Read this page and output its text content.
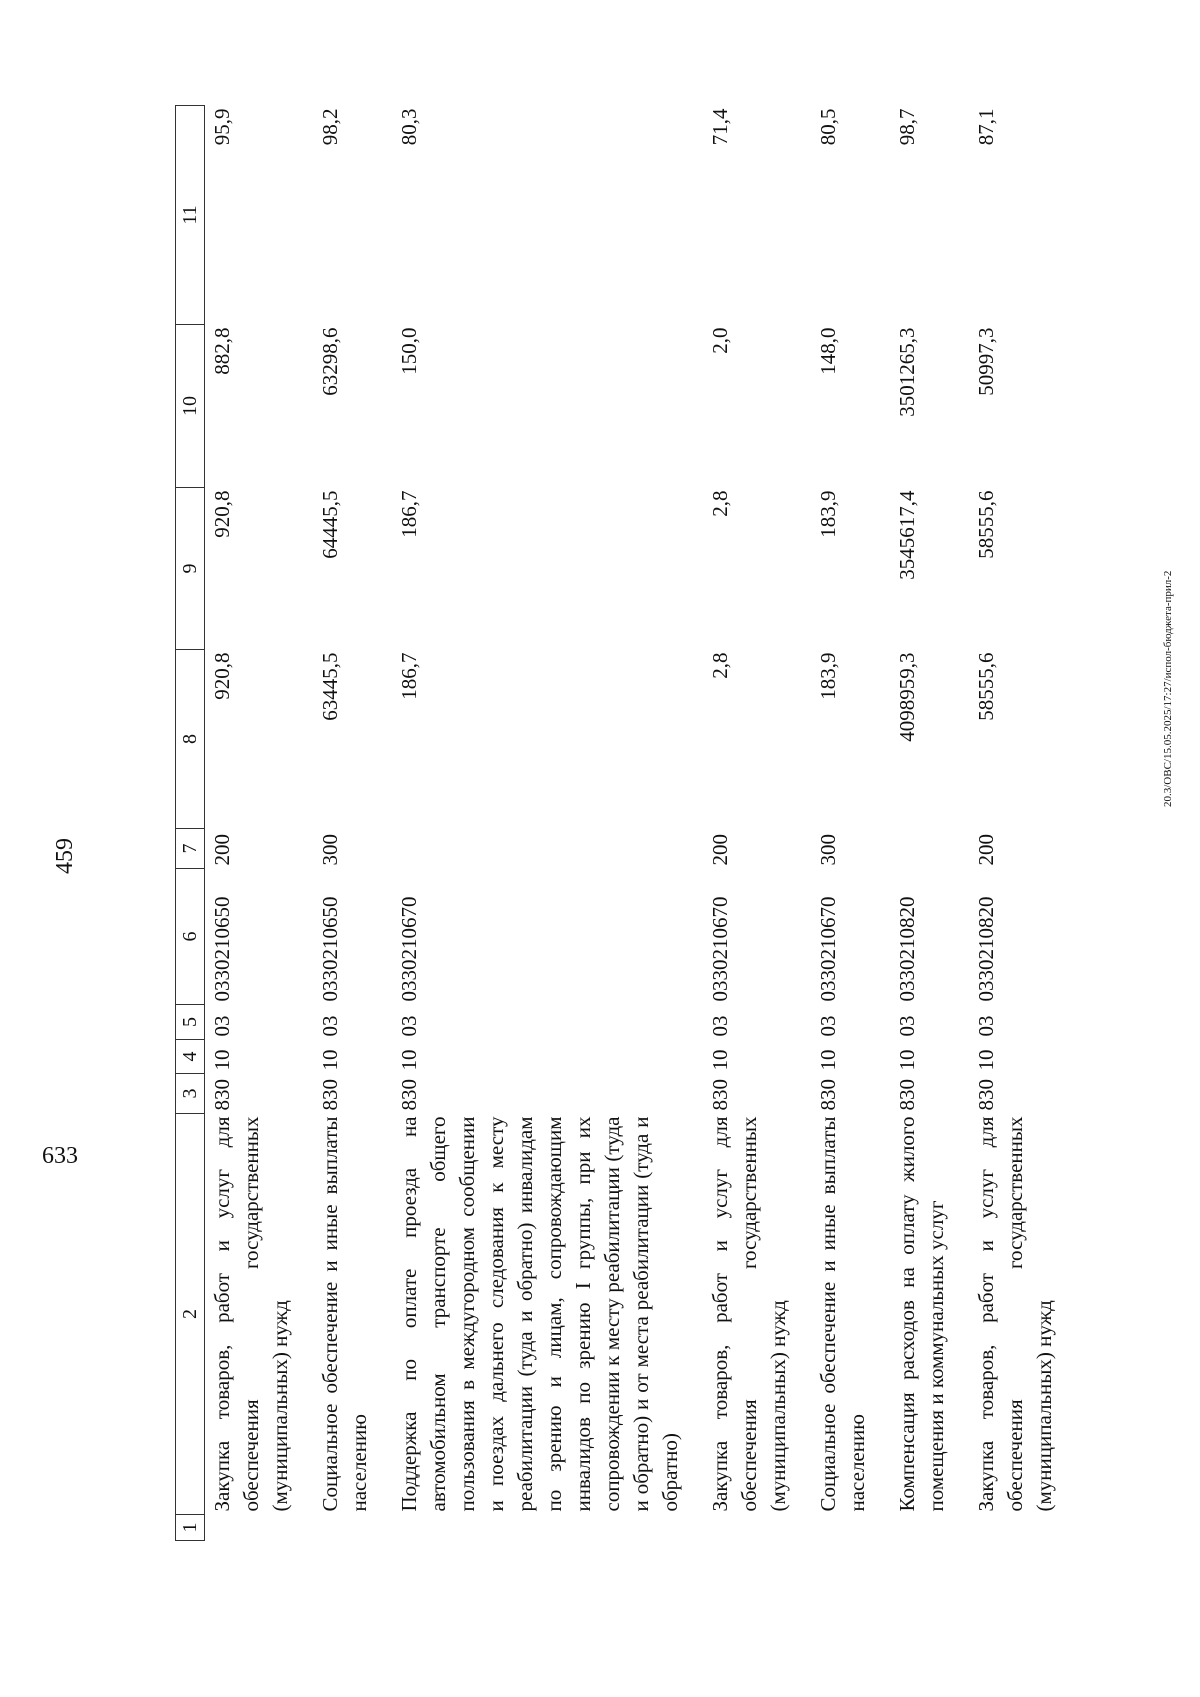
459
1	2	3	4	5	6	7	8	9	10	11
	Закупка товаров, работ и услуг для обеспечения государственных (муниципальных) нужд	830	10	03	0330210650	200	920,8	920,8	882,8	95,9
	Социальное обеспечение и иные выплаты населению	830	10	03	0330210650	300	63445,5	64445,5	63298,6	98,2
	Поддержка по оплате проезда на автомобильном транспорте общего пользования в междугородном сообщении и поездах дальнего следования к месту реабилитации (туда и обратно) инвалидам по зрению и лицам, сопровождающим инвалидов по зрению I группы, при их сопровождении к месту реабилитации (туда и обратно) и от места реабилитации (туда и обратно)	830	10	03	0330210670		186,7	186,7	150,0	80,3
	Закупка товаров, работ и услуг для обеспечения государственных (муниципальных) нужд	830	10	03	0330210670	200	2,8	2,8	2,0	71,4
	Социальное обеспечение и иные выплаты населению	830	10	03	0330210670	300	183,9	183,9	148,0	80,5
	Компенсация расходов на оплату жилого помещения и коммунальных услуг	830	10	03	0330210820		4098959,3	3545617,4	3501265,3	98,7
	Закупка товаров, работ и услуг для обеспечения государственных (муниципальных) нужд	830	10	03	0330210820	200	58555,6	58555,6	50997,3	87,1
20.3/OBC/15.05.2025/17:27/испол-бюджета-прил-2
633
